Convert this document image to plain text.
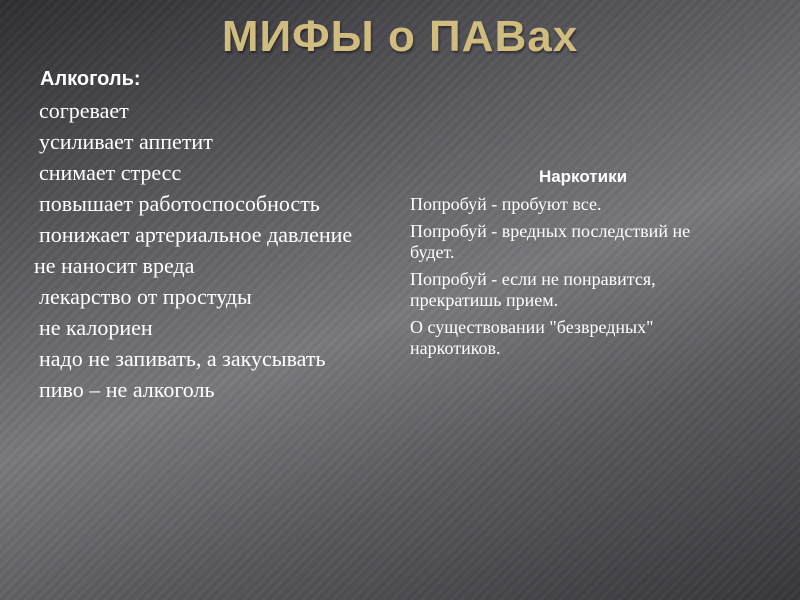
МИФЫ о ПАВах
Алкоголь:
согревает
усиливает аппетит
снимает стресс
повышает работоспособность
понижает артериальное давление
не наносит вреда
лекарство от простуды
не калориен
надо не запивать, а закусывать
пиво – не алкоголь
Наркотики
Попробуй - пробуют все.
Попробуй - вредных последствий не будет.
Попробуй - если не понравится, прекратишь прием.
О существовании "безвредных" наркотиков.
